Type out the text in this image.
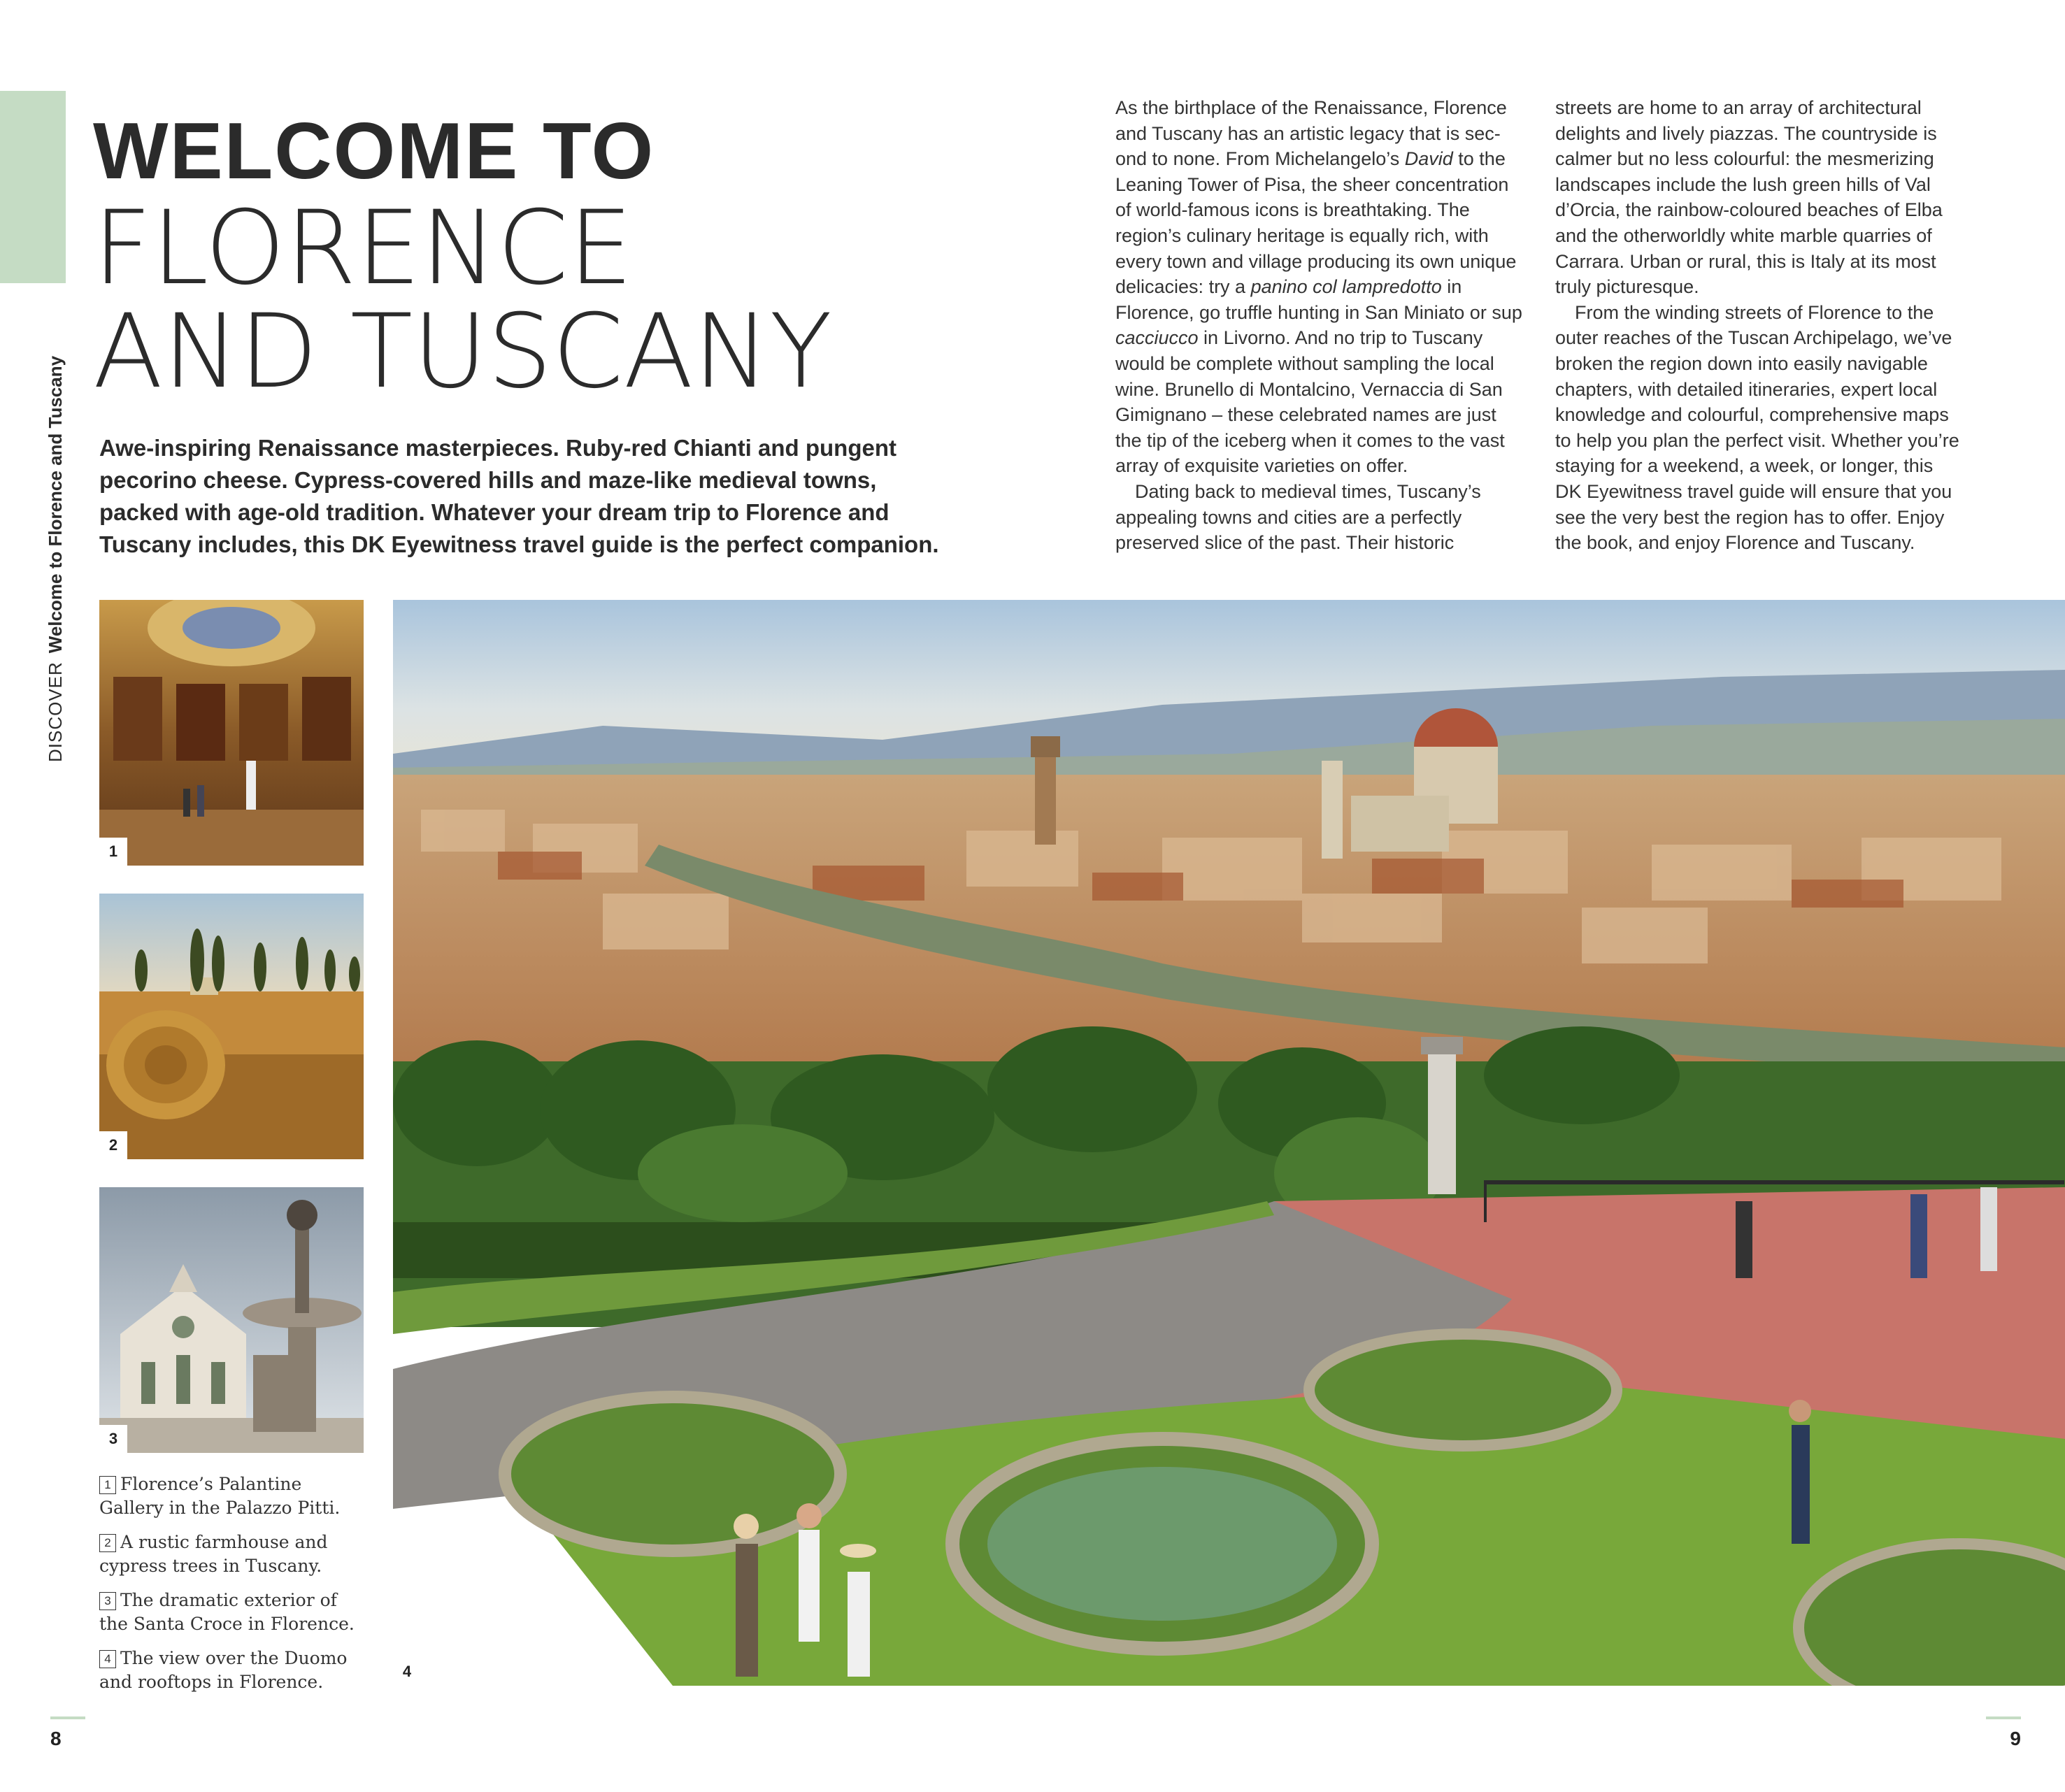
DISCOVERWelcome to Florence and Tuscany
WELCOME TO
FLORENCE
AND TUSCANY
Awe-inspiring Renaissance masterpieces. Ruby-red Chianti and pungent pecorino cheese. Cypress-covered hills and maze-like medieval towns, packed with age-old tradition. Whatever your dream trip to Florence and Tuscany includes, this DK Eyewitness travel guide is the perfect companion.

As the birthplace of the Renaissance, Florence and Tuscany has an artistic legacy that is sec-ond to none. From Michelangelo’s David to the Leaning Tower of Pisa, the sheer concentration of world-famous icons is breathtaking. The region’s culinary heritage is equally rich, with every town and village producing its own unique delicacies: try a panino col lampredotto in Florence, go truffle hunting in San Miniato or sup cacciucco in Livorno. And no trip to Tuscany would be complete without sampling the local wine. Brunello di Montalcino, Vernaccia di San Gimignano – these celebrated names are just the tip of the iceberg when it comes to the vast array of exquisite varieties on offer.

Dating back to medieval times, Tuscany’s appealing towns and cities are a perfectly preserved slice of the past. Their historic

streets are home to an array of architectural delights and lively piazzas. The countryside is calmer but no less colourful: the mesmerizing landscapes include the lush green hills of Val d’Orcia, the rainbow-coloured beaches of Elba and the otherworldly white marble quarries of Carrara. Urban or rural, this is Italy at its most truly picturesque.

From the winding streets of Florence to the outer reaches of the Tuscan Archipelago, we’ve broken the region down into easily navigable chapters, with detailed itineraries, expert local knowledge and colourful, comprehensive maps to help you plan the perfect visit. Whether you’re staying for a weekend, a week, or longer, this DK Eyewitness travel guide will ensure that you see the very best the region has to offer. Enjoy the book, and enjoy Florence and Tuscany.

1
2
3
1 Florence’s Palantine Gallery in the Palazzo Pitti.
2 A rustic farmhouse and cypress trees in Tuscany.
3 The dramatic exterior of the Santa Croce in Florence.
4 The view over the Duomo and rooftops in Florence.
4
8	9
